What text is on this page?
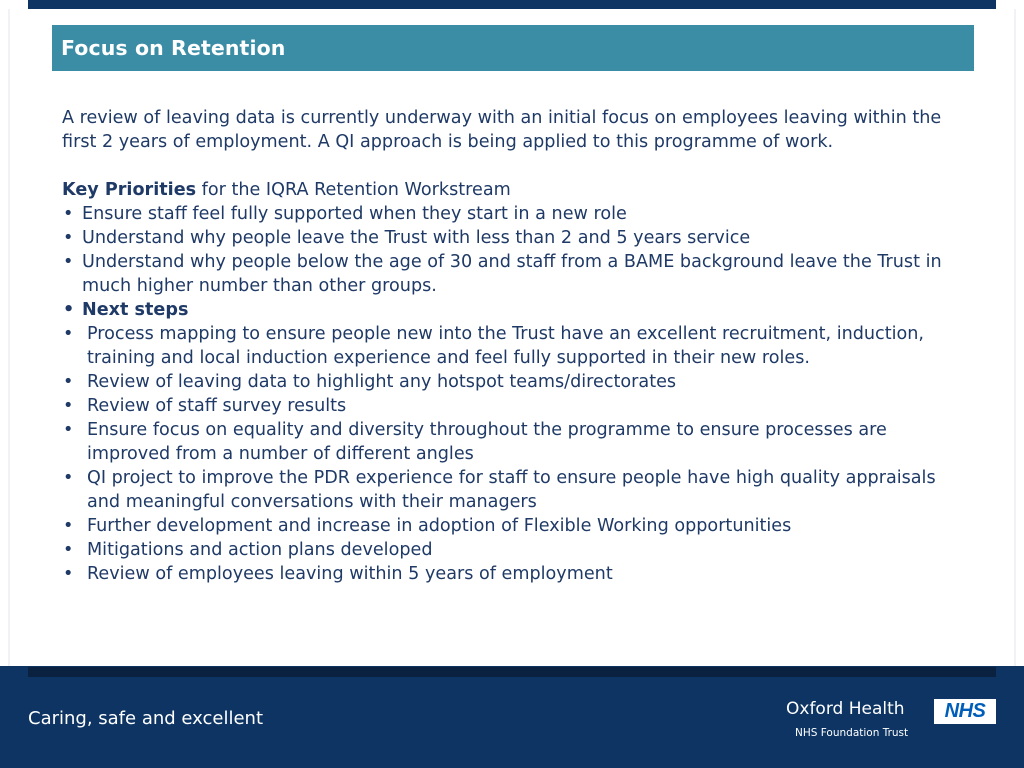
Focus on Retention

A review of leaving data is currently underway with an initial focus on employees leaving within the first 2 years of employment. A QI approach is being applied to this programme of work.

Key Priorities for the IQRA Retention Workstream

• Ensure staff feel fully supported when they start in a new role
• Understand why people leave the Trust with less than 2 and 5 years service
• Understand why people below the age of 30 and staff from a BAME background leave the Trust in much higher number than other groups.
• Next steps
• Process mapping to ensure people new into the Trust have an excellent recruitment, induction, training and local induction experience and feel fully supported in their new roles.
• Review of leaving data to highlight any hotspot teams/directorates
• Review of staff survey results
• Ensure focus on equality and diversity throughout the programme to ensure processes are improved from a number of different angles
• QI project to improve the PDR experience for staff to ensure people have high quality appraisals and meaningful conversations with their managers
• Further development and increase in adoption of Flexible Working opportunities
• Mitigations and action plans developed
• Review of employees leaving within 5 years of employment
Caring, safe and excellent	Oxford Health
NHS Foundation Trust
NHS
